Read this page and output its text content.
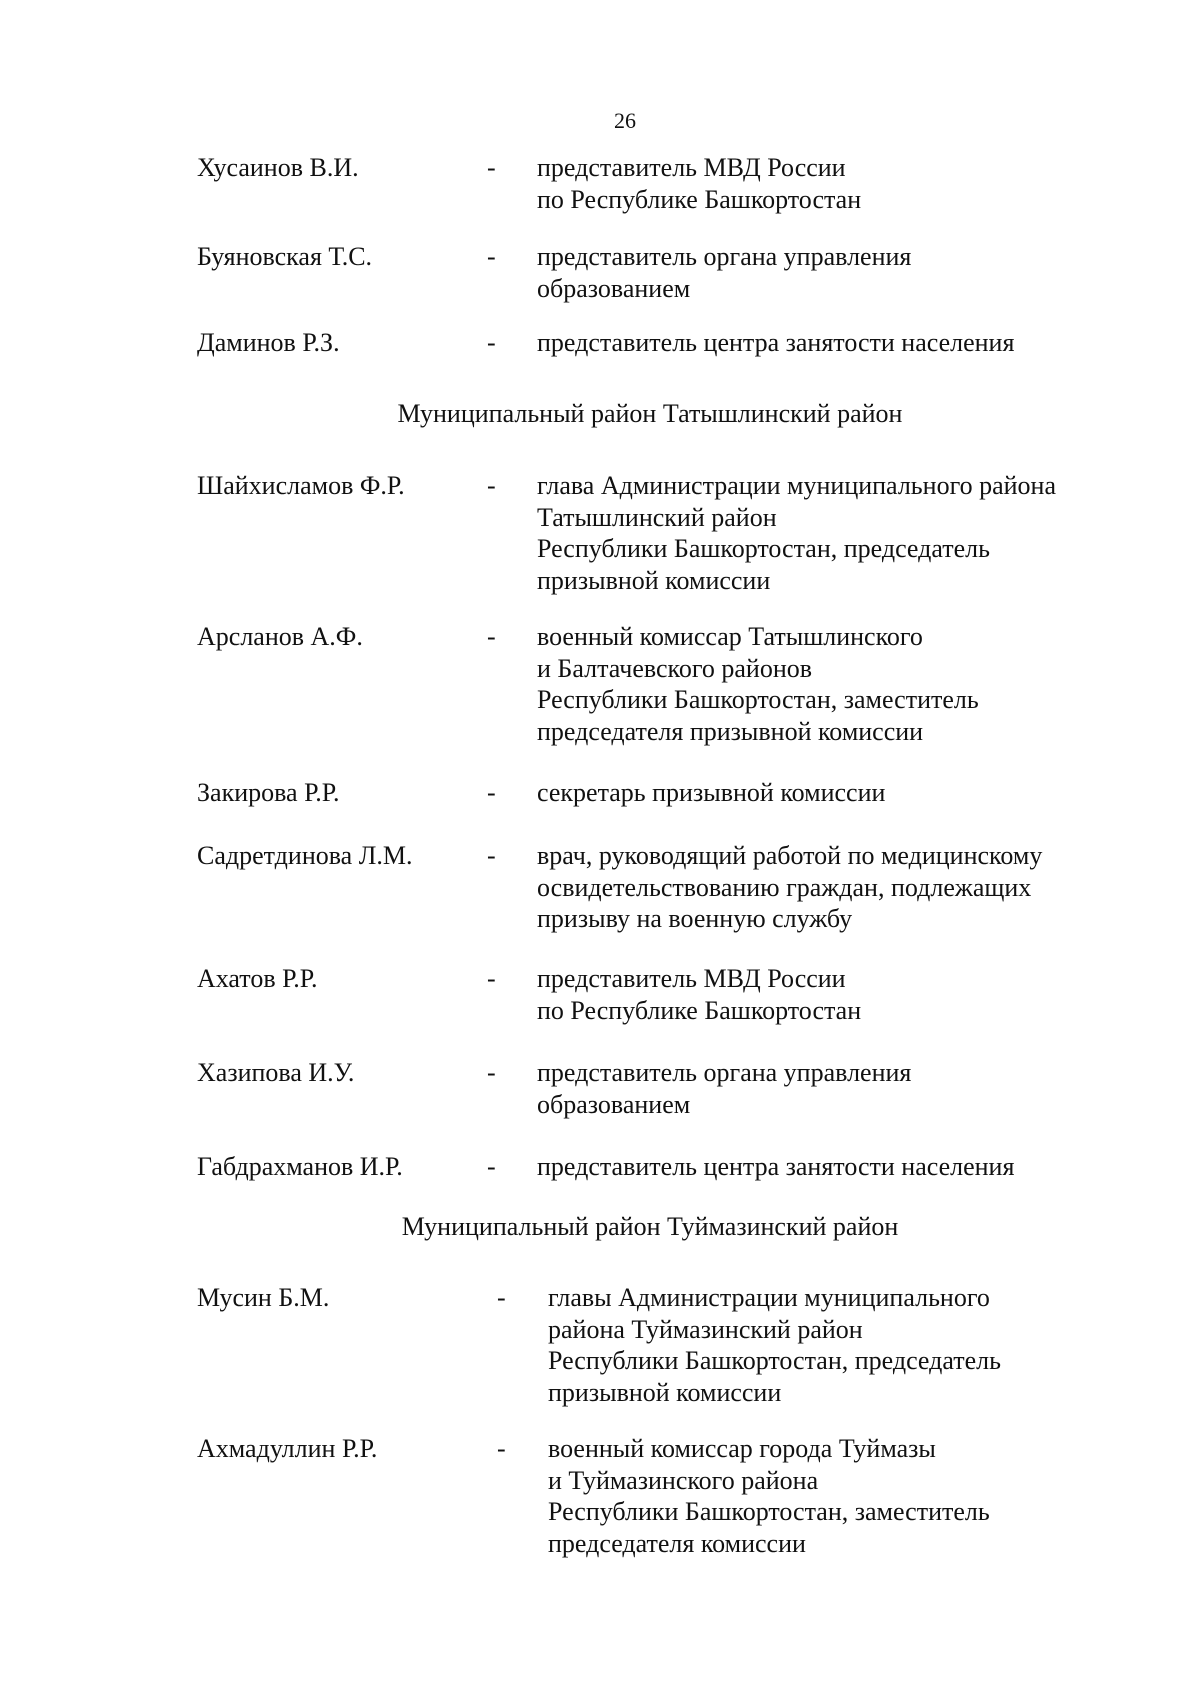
26
Хусаинов В.И.	- представитель МВД России
по Республике Башкортостан
Буяновская Т.С.	- представитель органа управления
образованием
Даминов Р.З.	- представитель центра занятости населения
Муниципальный район Татышлинский район
Шайхисламов Ф.Р.	- глава Администрации муниципального района
Татышлинский район
Республики Башкортостан, председатель
призывной комиссии
Арсланов А.Ф.	- военный комиссар Татышлинского
и Балтачевского районов
Республики Башкортостан, заместитель
председателя призывной комиссии
Закирова Р.Р.	- секретарь призывной комиссии
Садретдинова Л.М.	- врач, руководящий работой по медицинскому
освидетельствованию граждан, подлежащих
призыву на военную службу
Ахатов Р.Р.	- представитель МВД России
по Республике Башкортостан
Хазипова И.У.	- представитель органа управления
образованием
Габдрахманов И.Р.	- представитель центра занятости населения
Муниципальный район Туймазинский район
Мусин Б.М.	- главы Администрации муниципального
района Туймазинский район
Республики Башкортостан, председатель
призывной комиссии
Ахмадуллин Р.Р.	- военный комиссар города Туймазы
и Туймазинского района
Республики Башкортостан, заместитель
председателя комиссии
